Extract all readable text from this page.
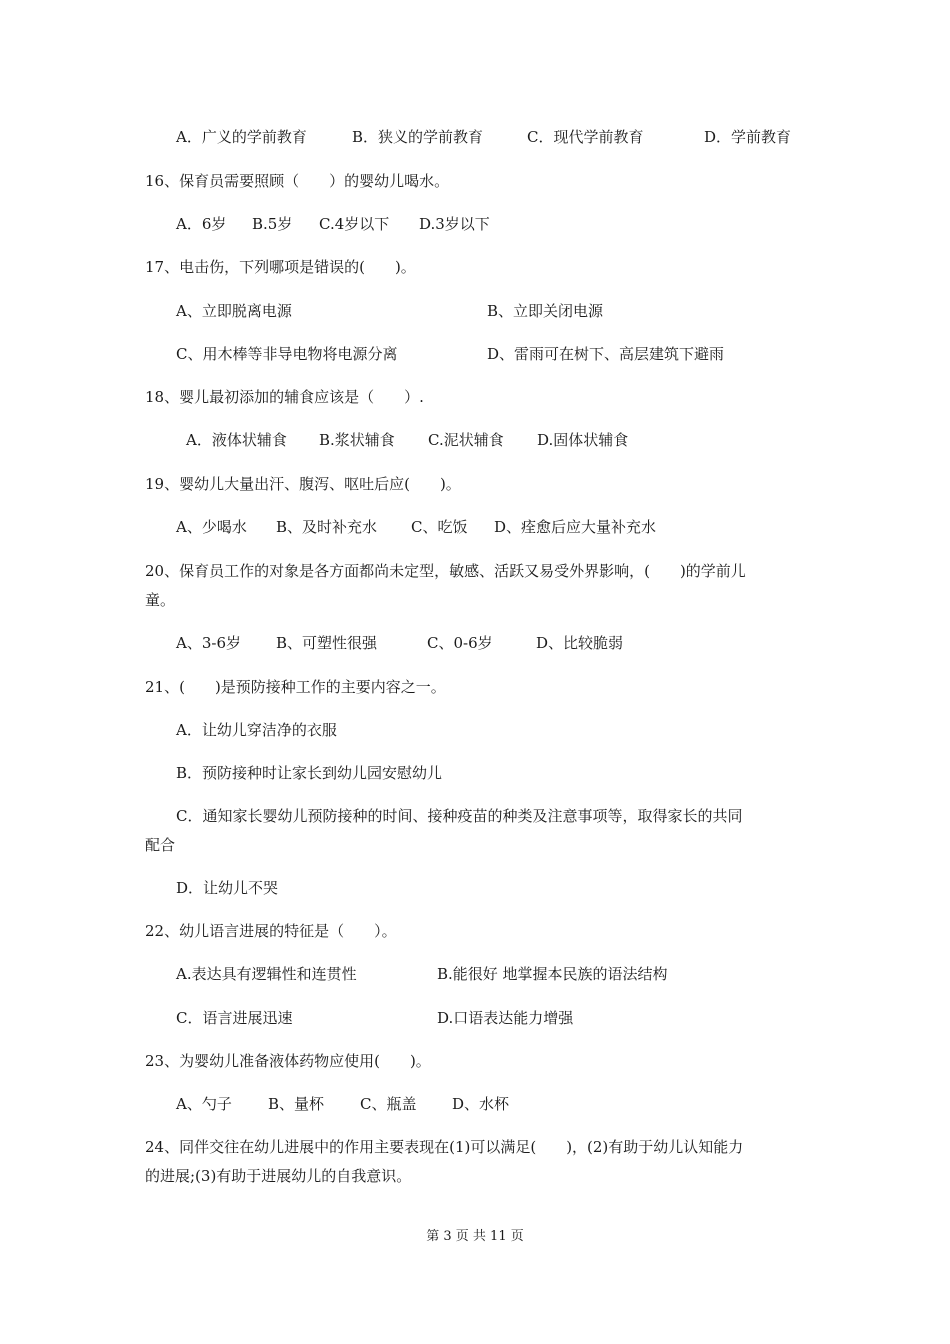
A．广义的学前教育	B．狭义的学前教育	C．现代学前教育	D．学前教育
16、保育员需要照顾（　　）的婴幼儿喝水。
A．6岁 B.5岁 C.4岁以下 D.3岁以下
17、电击伤，下列哪项是错误的(　　)。
A、立即脱离电源	B、立即关闭电源
C、用木棒等非导电物将电源分离	D、雷雨可在树下、高层建筑下避雨
18、婴儿最初添加的辅食应该是（　　）.
A．液体状辅食 B.浆状辅食 C.泥状辅食 D.固体状辅食
19、婴幼儿大量出汗、腹泻、呕吐后应(　　)。
A、少喝水 B、及时补充水 C、吃饭 D、痊愈后应大量补充水
20、保育员工作的对象是各方面都尚未定型，敏感、活跃又易受外界影响，(　　)的学前儿
童。
A、3-6岁 B、可塑性很强	C、0-6岁	D、比较脆弱
21、(　　)是预防接种工作的主要内容之一。
A．让幼儿穿洁净的衣服
B．预防接种时让家长到幼儿园安慰幼儿
C．通知家长婴幼儿预防接种的时间、接种疫苗的种类及注意事项等，取得家长的共同
配合
D．让幼儿不哭
22、幼儿语言进展的特征是（　　）。
A.表达具有逻辑性和连贯性	B.能很好 地掌握本民族的语法结构
C．语言进展迅速	D.口语表达能力增强
23、为婴幼儿准备液体药物应使用(　　)。
A、勺子 B、量杯 C、瓶盖 D、水杯
24、同伴交往在幼儿进展中的作用主要表现在(1)可以满足(　　)，(2)有助于幼儿认知能力
的进展;(3)有助于进展幼儿的自我意识。
第 3 页 共 11 页
